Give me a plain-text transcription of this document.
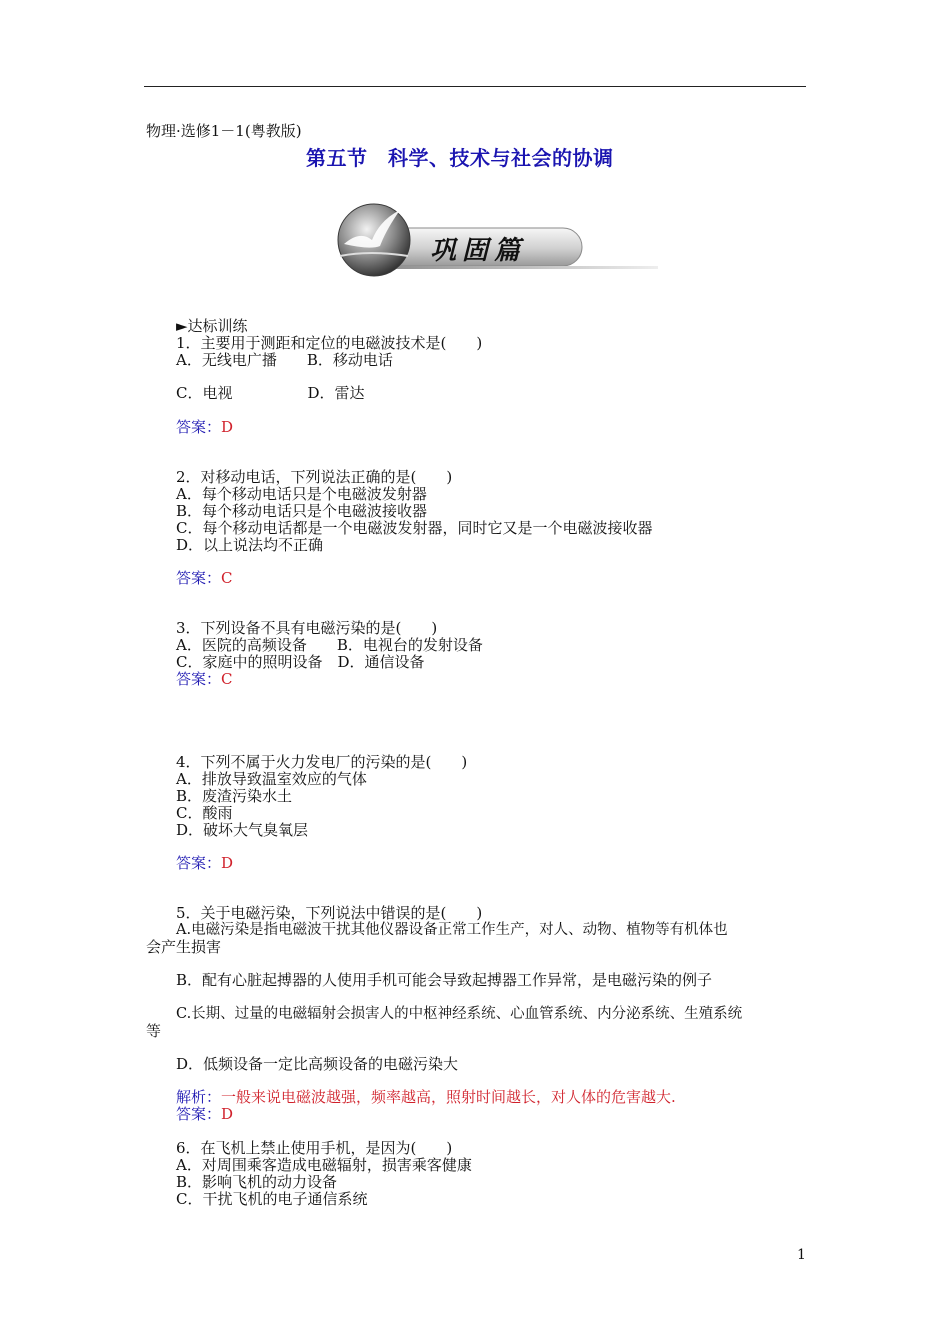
物理·选修1－1(粤教版)
第五节　科学、技术与社会的协调
巩固篇
►达标训练
1．主要用于测距和定位的电磁波技术是(　　)
A．无线电广播　　B．移动电话
C．电视　　　　　D．雷达
答案：D
2．对移动电话，下列说法正确的是(　　)
A．每个移动电话只是个电磁波发射器
B．每个移动电话只是个电磁波接收器
C．每个移动电话都是一个电磁波发射器，同时它又是一个电磁波接收器
D．以上说法均不正确
答案：C
3．下列设备不具有电磁污染的是(　　)
A．医院的高频设备　　B．电视台的发射设备
C．家庭中的照明设备　D．通信设备
答案：C
4．下列不属于火力发电厂的污染的是(　　)
A．排放导致温室效应的气体
B．废渣污染水土
C．酸雨
D．破坏大气臭氧层
答案：D
5．关于电磁污染，下列说法中错误的是(　　)
A.电磁污染是指电磁波干扰其他仪器设备正常工作生产，对人、动物、植物等有机体也
会产生损害
B．配有心脏起搏器的人使用手机可能会导致起搏器工作异常，是电磁污染的例子
C.长期、过量的电磁辐射会损害人的中枢神经系统、心血管系统、内分泌系统、生殖系统
等
D．低频设备一定比高频设备的电磁污染大
解析：一般来说电磁波越强，频率越高，照射时间越长，对人体的危害越大.
答案：D
6．在飞机上禁止使用手机，是因为(　　)
A．对周围乘客造成电磁辐射，损害乘客健康
B．影响飞机的动力设备
C．干扰飞机的电子通信系统
1
